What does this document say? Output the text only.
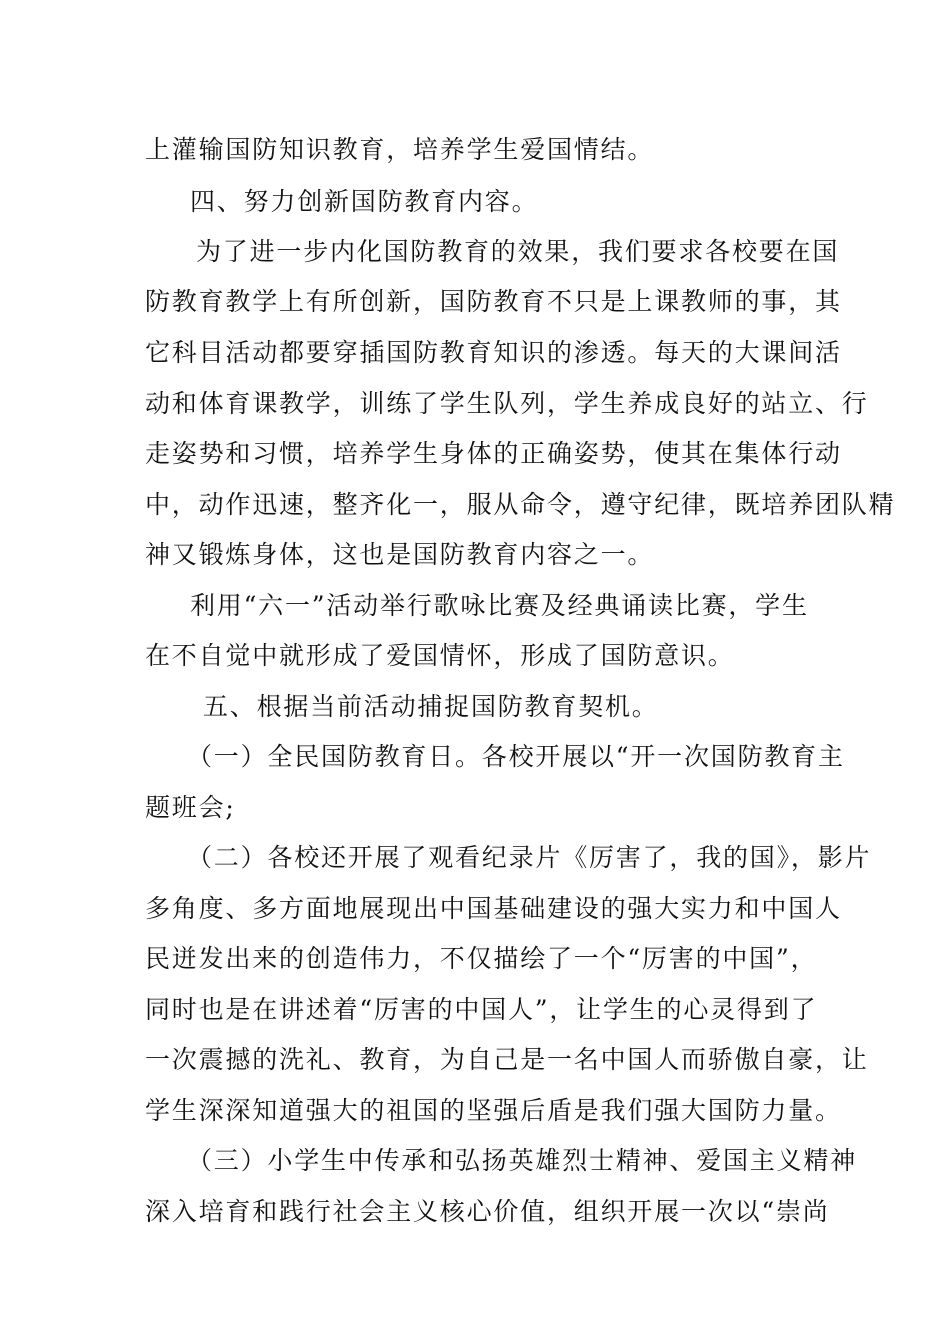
上灌输国防知识教育，培养学生爱国情结。
四、努力创新国防教育内容。
为了进一步内化国防教育的效果，我们要求各校要在国
防教育教学上有所创新，国防教育不只是上课教师的事，其
它科目活动都要穿插国防教育知识的渗透。每天的大课间活
动和体育课教学，训练了学生队列，学生养成良好的站立、行
走姿势和习惯，培养学生身体的正确姿势，使其在集体行动
中，动作迅速，整齐化一，服从命令，遵守纪律，既培养团队精
神又锻炼身体，这也是国防教育内容之一。
利用“六一”活动举行歌咏比赛及经典诵读比赛，学生
在不自觉中就形成了爱国情怀，形成了国防意识。
五、根据当前活动捕捉国防教育契机。
（一）全民国防教育日。各校开展以“开一次国防教育主
题班会;
（二）各校还开展了观看纪录片《厉害了，我的国》，影片
多角度、多方面地展现出中国基础建设的强大实力和中国人
民迸发出来的创造伟力，不仅描绘了一个“厉害的中国”，
同时也是在讲述着“厉害的中国人”，让学生的心灵得到了
一次震撼的洗礼、教育，为自己是一名中国人而骄傲自豪，让
学生深深知道强大的祖国的坚强后盾是我们强大国防力量。
（三）小学生中传承和弘扬英雄烈士精神、爱国主义精神
深入培育和践行社会主义核心价值，组织开展一次以“崇尚
